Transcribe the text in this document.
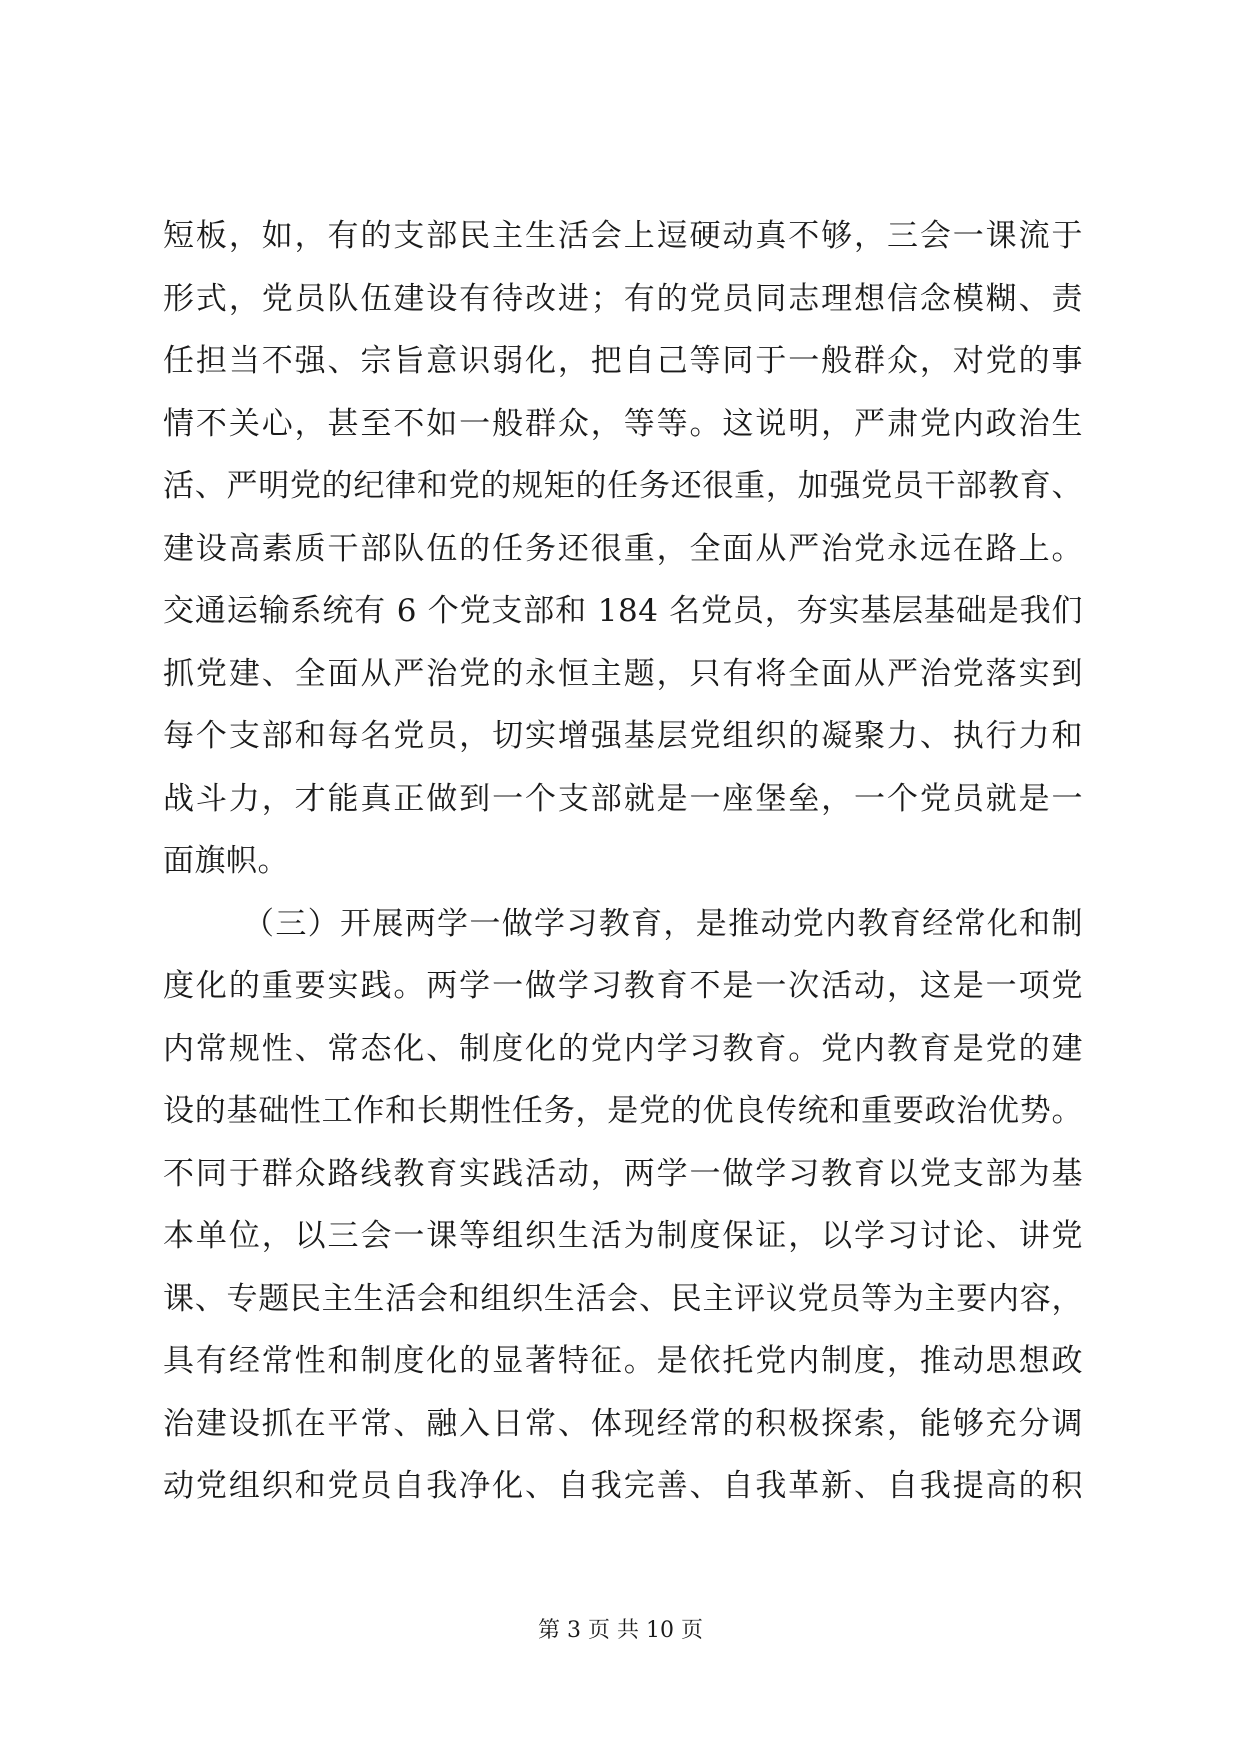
短板，如，有的支部民主生活会上逗硬动真不够，三会一课流于
形式，党员队伍建设有待改进；有的党员同志理想信念模糊、责
任担当不强、宗旨意识弱化，把自己等同于一般群众，对党的事
情不关心，甚至不如一般群众，等等。这说明，严肃党内政治生
活、严明党的纪律和党的规矩的任务还很重，加强党员干部教育、
建设高素质干部队伍的任务还很重，全面从严治党永远在路上。
交通运输系统有 6 个党支部和 184 名党员，夯实基层基础是我们
抓党建、全面从严治党的永恒主题，只有将全面从严治党落实到
每个支部和每名党员，切实增强基层党组织的凝聚力、执行力和
战斗力，才能真正做到一个支部就是一座堡垒，一个党员就是一
面旗帜。
（三）开展两学一做学习教育，是推动党内教育经常化和制
度化的重要实践。两学一做学习教育不是一次活动，这是一项党
内常规性、常态化、制度化的党内学习教育。党内教育是党的建
设的基础性工作和长期性任务，是党的优良传统和重要政治优势。
不同于群众路线教育实践活动，两学一做学习教育以党支部为基
本单位，以三会一课等组织生活为制度保证，以学习讨论、讲党
课、专题民主生活会和组织生活会、民主评议党员等为主要内容，
具有经常性和制度化的显著特征。是依托党内制度，推动思想政
治建设抓在平常、融入日常、体现经常的积极探索，能够充分调
动党组织和党员自我净化、自我完善、自我革新、自我提高的积
第 3 页 共 10 页
